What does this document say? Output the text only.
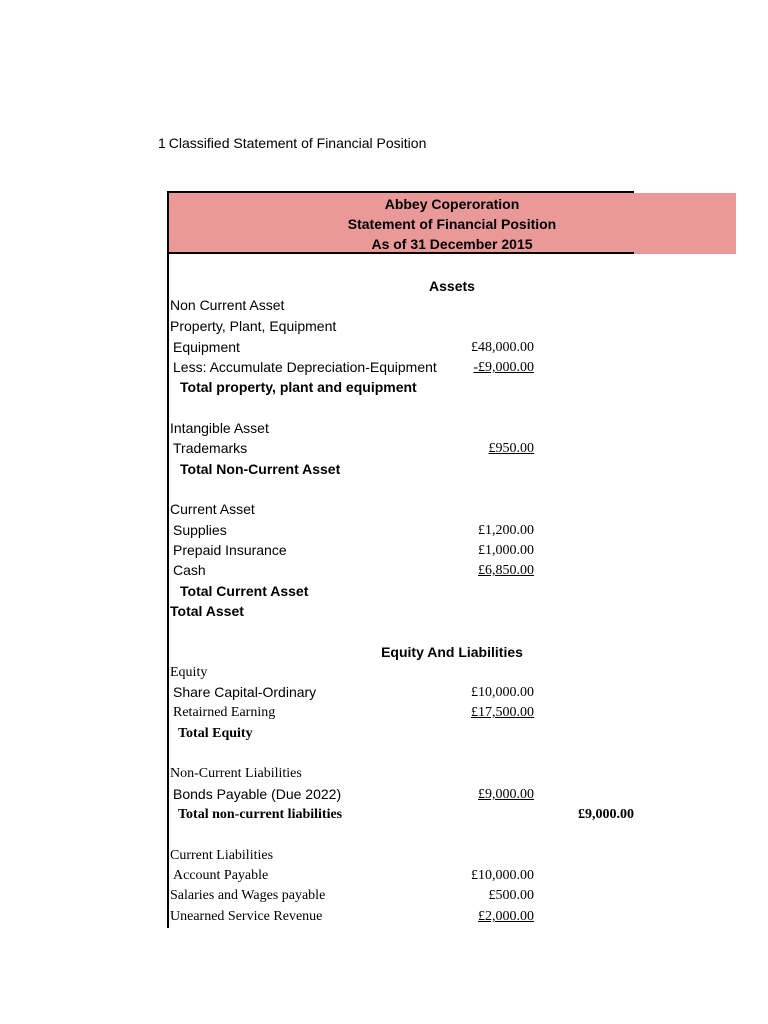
1 Classified Statement of Financial Position
Abbey Coperoration
Statement of Financial Position
As of 31 December 2015
Assets
Non Current Asset
Property, Plant, Equipment
Equipment	£48,000.00
Less: Accumulate Depreciation-Equipment	-£9,000.00
Total property, plant and equipment
Intangible Asset
Trademarks	£950.00
Total Non-Current Asset
Current Asset
Supplies	£1,200.00
Prepaid Insurance	£1,000.00
Cash	£6,850.00
Total Current Asset
Total Asset
Equity And Liabilities
Equity
Share Capital-Ordinary	£10,000.00
Retairned Earning	£17,500.00
Total Equity
Non-Current Liabilities
Bonds Payable (Due 2022)	£9,000.00
Total non-current liabilities	£9,000.00
Current Liabilities
Account Payable	£10,000.00
Salaries and Wages payable	£500.00
Unearned Service Revenue	£2,000.00
